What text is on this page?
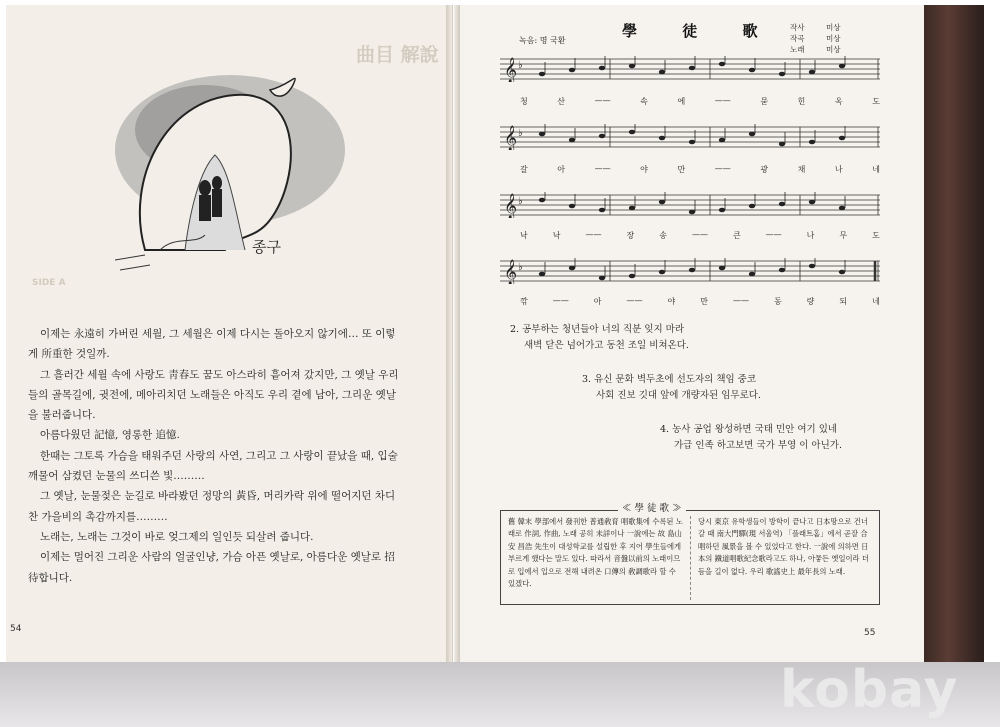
曲目 解說
SIDE A
종구

이제는 永遠히 가버린 세월, 그 세월은 이제 다시는 돌아오지 않기에… 또 이렇게 所重한 것일까.

그 흘러간 세월 속에 사랑도 靑春도 꿈도 아스라히 흩어져 갔지만, 그 옛날 우리들의 골목길에, 귓전에, 메아리치던 노래들은 아직도 우리 곁에 남아, 그리운 옛날을 불러줍니다.

아름다웠던 記憶, 영롱한 追憶.

한때는 그토록 가슴을 태워주던 사랑의 사연, 그리고 그 사랑이 끝났을 때, 입술 깨물어 삼켰던 눈물의 쓰디쓴 빛………

그 옛날, 눈물젖은 눈길로 바라봤던 정망의 黃昏, 머리카락 위에 떨어지던 차디찬 가을비의 촉감까지를………

노래는, 노래는 그것이 바로 엊그제의 일인듯 되살려 줍니다.

이제는 멀어진 그리운 사람의 얼굴인냥, 가슴 아픈 옛날로, 아름다운 옛날로 招待합니다.

54
녹음: 명 국환
學 徒 歌 작사	미상
작곡	미상
노래	미상
𝄞 ♭
청	산	——	속	에	——	묻	힌	옥	도
𝄞 ♭
갈	아	——	야	만	——	광	채	나	네
𝄞 ♭
낙	낙	——	장	송	——	큰	——	나	무	도
𝄞 ♭
깎	——	아	——	야	만	——	동	량	되	네
2. 공부하는 청년들아 너의 직분 잊지 마라
새벽 닫은 넘어가고 동천 조일 비쳐온다.
3. 유신 문화 벽두초에 선도자의 책임 중코
사회 진보 깃대 앞에 개량자된 임무로다.
4. 농사 공업 왕성하면 국태 민안 여기 있네
가급 인족 하고보면 국가 부영 이 아닌가.
≪ 學 徒 歌 ≫
舊 韓末 學部에서 發刊한 普通敎育 唱歌集에 수록된 노래로 作詞, 作曲, 노래 공히 未詳이나 一說에는 故 島山 安 昌浩 先生이 대성학교를 설립한 후 지어 學生들에게 부르게 했다는 말도 있다. 따라서 音盤以前의 노래이므로 입에서 입으로 전해 내려온 口傳의 敎調歌라 할 수 있겠다.
당시 東京 유학생들이 방학이 끝나고 日本땅으로 건너갈 때 南大門驛(現 서울역) 「플래트홈」에서 곧잘 合唱하던 風景을 볼 수 있었다고 한다. 一說에 의하면 日本의 鐵道唱歌紀念歌라고도 하나, 아뭏든 옛일이라 더듬을 길이 없다. 우리 歌謠史上 最年長의 노래.
55
kobay
